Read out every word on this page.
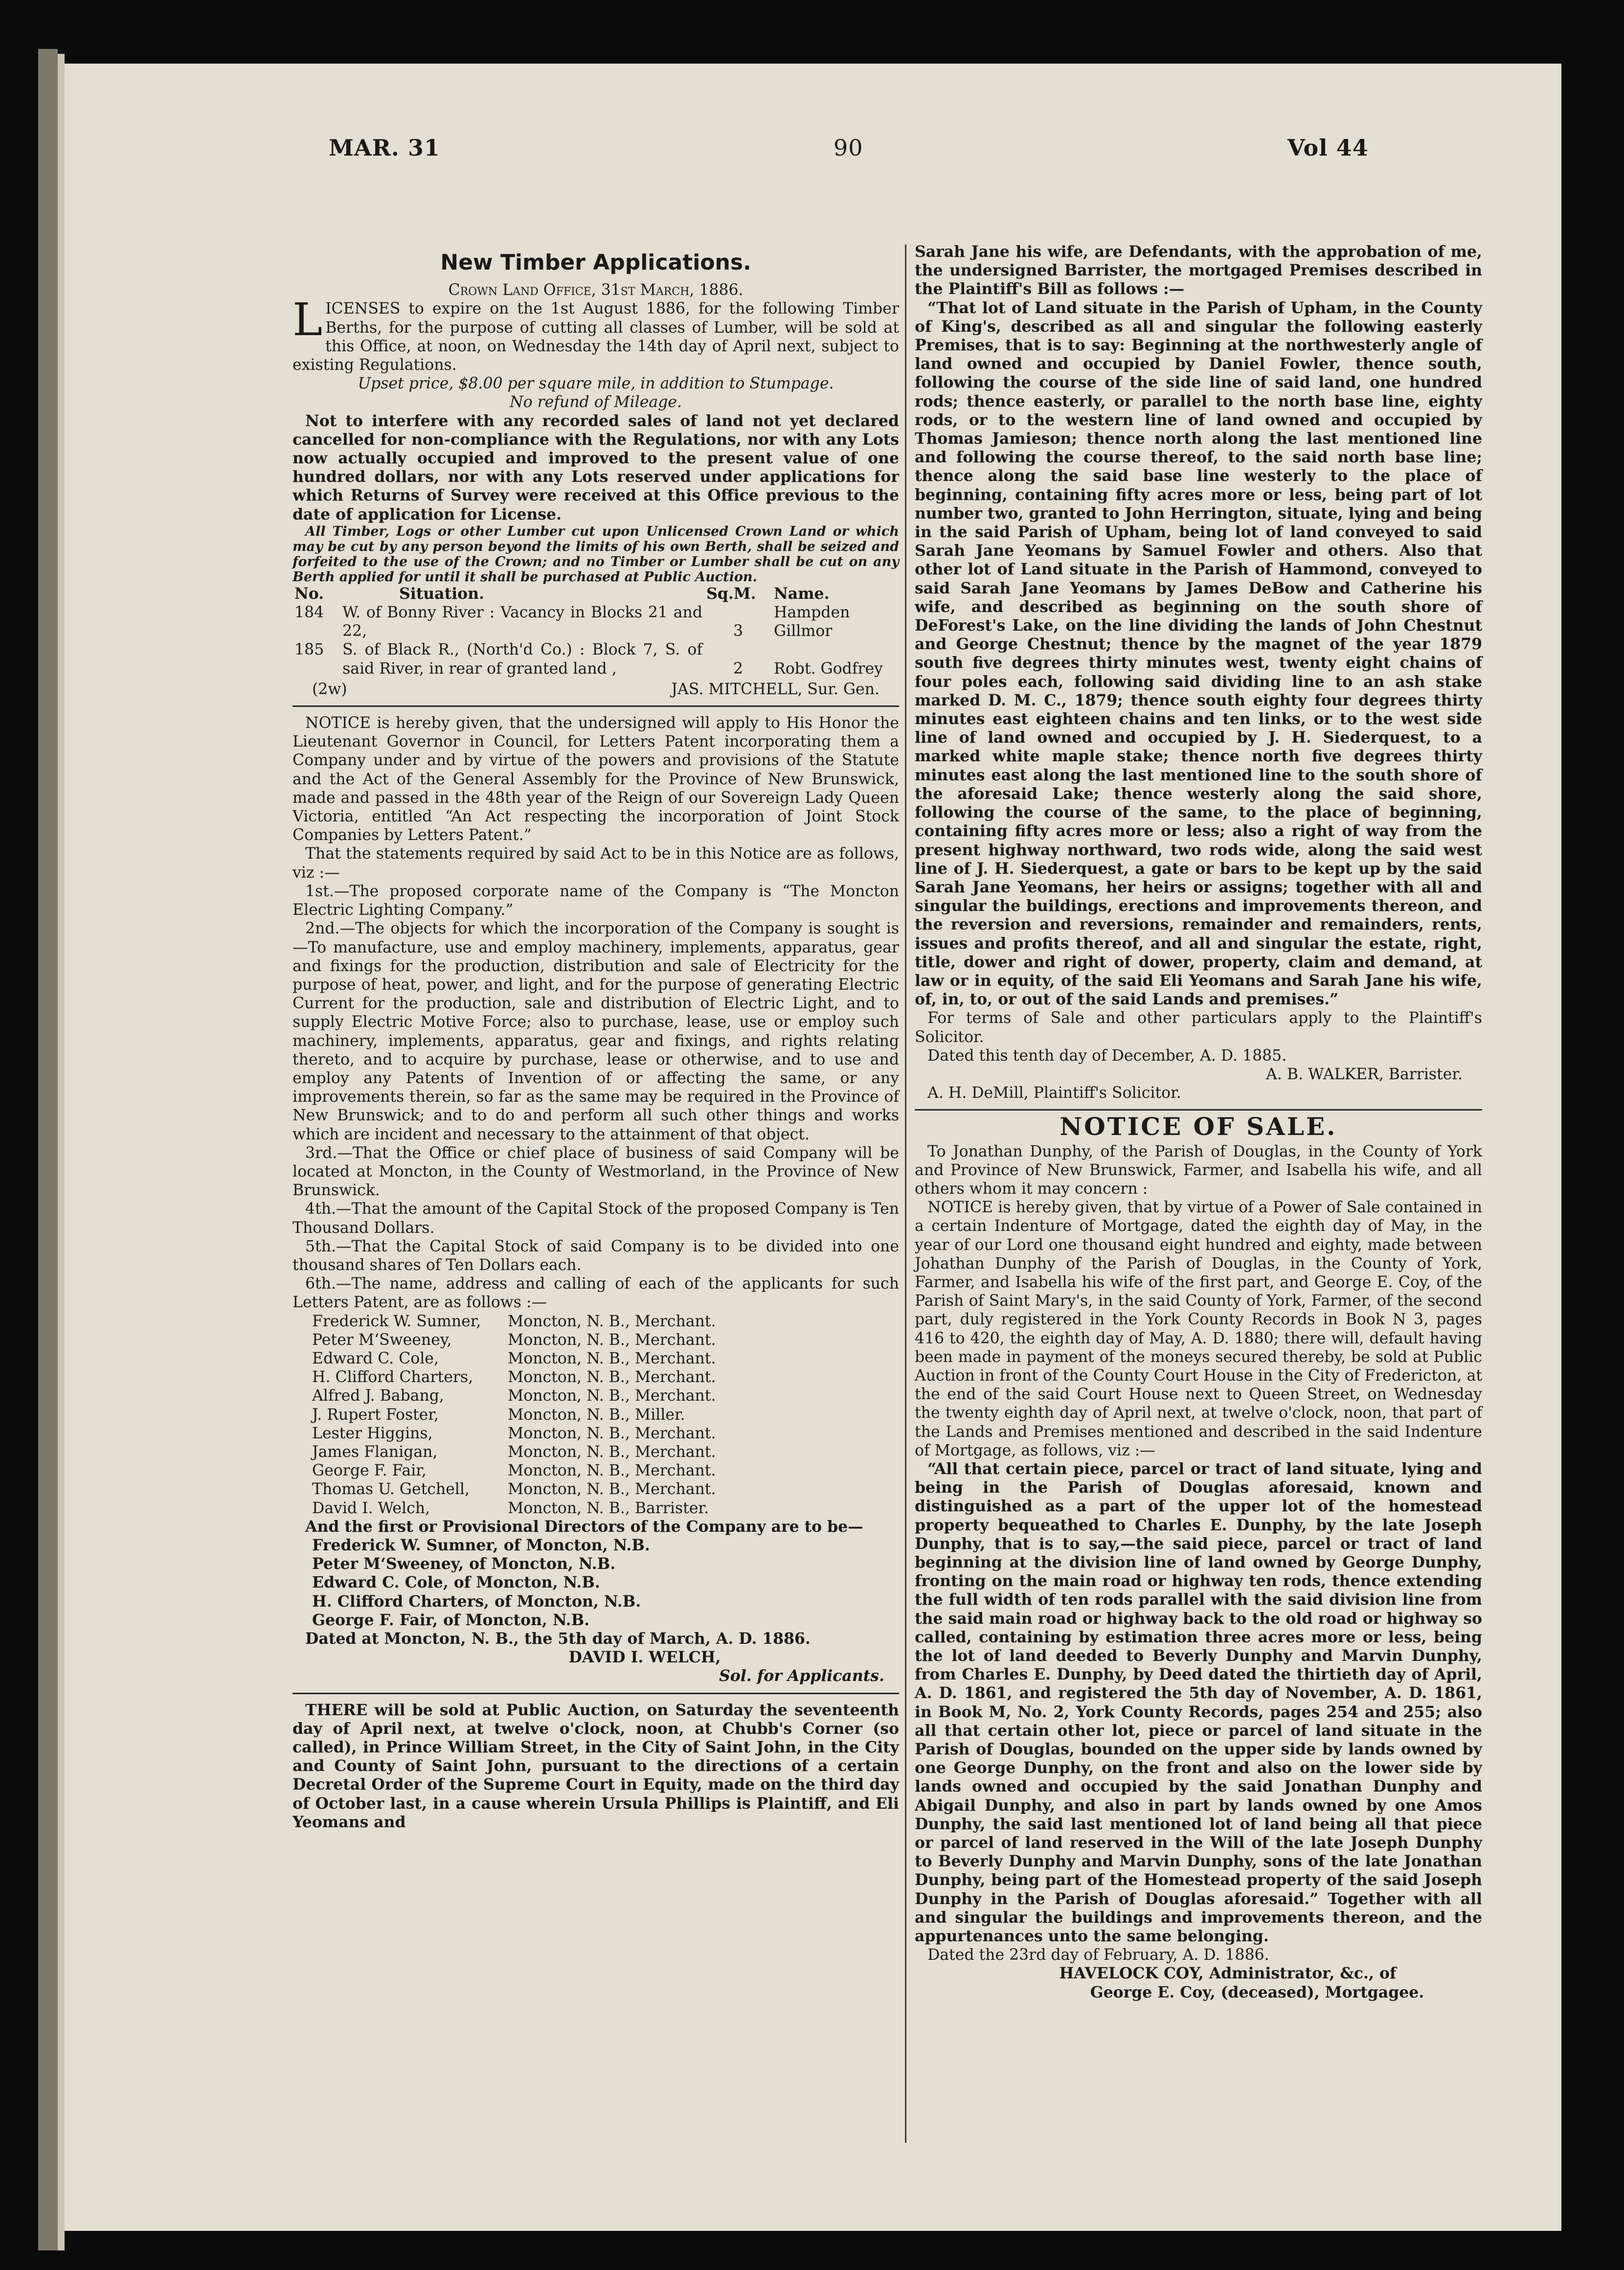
MAR. 31	90	Vol 44

New Timber Applications.

Crown Land Office, 31st March, 1886.

LICENSES to expire on the 1st August 1886, for the following Timber Berths, for the purpose of cutting all classes of Lumber, will be sold at this Office, at noon, on Wednesday the 14th day of April next, subject to existing Regulations.

Upset price, $8.00 per square mile, in addition to Stumpage.

No refund of Mileage.

Not to interfere with any recorded sales of land not yet declared cancelled for non-compliance with the Regulations, nor with any Lots now actually occupied and improved to the present value of one hundred dollars, nor with any Lots reserved under applications for which Returns of Survey were received at this Office previous to the date of application for License.

All Timber, Logs or other Lumber cut upon Unlicensed Crown Land or which may be cut by any person beyond the limits of his own Berth, shall be seized and forfeited to the use of the Crown; and no Timber or Lumber shall be cut on any Berth applied for until it shall be purchased at Public Auction.

No.	Situation.	Sq.M.	Name.
184	W. of Bonny River : Vacancy in Blocks 21 and 22,	3	Hampden Gillmor
185	S. of Black R., (North'd Co.) : Block 7, S. of said River, in rear of granted land ,	2	Robt. Godfrey
(2w)	JAS. MITCHELL, Sur. Gen.

NOTICE is hereby given, that the undersigned will apply to His Honor the Lieutenant Governor in Council, for Letters Patent incorporating them a Company under and by virtue of the powers and provisions of the Statute and the Act of the General Assembly for the Province of New Brunswick, made and passed in the 48th year of the Reign of our Sovereign Lady Queen Victoria, entitled “An Act respecting the incorporation of Joint Stock Companies by Letters Patent.”

That the statements required by said Act to be in this Notice are as follows, viz :—

1st.—The proposed corporate name of the Company is “The Moncton Electric Lighting Company.”

2nd.—The objects for which the incorporation of the Company is sought is—To manufacture, use and employ machinery, implements, apparatus, gear and fixings for the production, distribution and sale of Electricity for the purpose of heat, power, and light, and for the purpose of generating Electric Current for the production, sale and distribution of Electric Light, and to supply Electric Motive Force; also to purchase, lease, use or employ such machinery, implements, apparatus, gear and fixings, and rights relating thereto, and to acquire by purchase, lease or otherwise, and to use and employ any Patents of Invention of or affecting the same, or any improvements therein, so far as the same may be required in the Province of New Brunswick; and to do and perform all such other things and works which are incident and necessary to the attainment of that object.

3rd.—That the Office or chief place of business of said Company will be located at Moncton, in the County of Westmorland, in the Province of New Brunswick.

4th.—That the amount of the Capital Stock of the proposed Company is Ten Thousand Dollars.

5th.—That the Capital Stock of said Company is to be divided into one thousand shares of Ten Dollars each.

6th.—The name, address and calling of each of the applicants for such Letters Patent, are as follows :—

Frederick W. Sumner,	Moncton, N. B., Merchant.
Peter M‘Sweeney,	Moncton, N. B., Merchant.
Edward C. Cole,	Moncton, N. B., Merchant.
H. Clifford Charters,	Moncton, N. B., Merchant.
Alfred J. Babang,	Moncton, N. B., Merchant.
J. Rupert Foster,	Moncton, N. B., Miller.
Lester Higgins,	Moncton, N. B., Merchant.
James Flanigan,	Moncton, N. B., Merchant.
George F. Fair,	Moncton, N. B., Merchant.
Thomas U. Getchell,	Moncton, N. B., Merchant.
David I. Welch,	Moncton, N. B., Barrister.

And the first or Provisional Directors of the Company are to be—

Frederick W. Sumner, of Moncton, N.B.
Peter M‘Sweeney, of Moncton, N.B.
Edward C. Cole, of Moncton, N.B.
H. Clifford Charters, of Moncton, N.B.
George F. Fair, of Moncton, N.B.

Dated at Moncton, N. B., the 5th day of March, A. D. 1886.

DAVID I. WELCH,

Sol. for Applicants.

THERE will be sold at Public Auction, on Saturday the seventeenth day of April next, at twelve o'clock, noon, at Chubb's Corner (so called), in Prince William Street, in the City of Saint John, in the City and County of Saint John, pursuant to the directions of a certain Decretal Order of the Supreme Court in Equity, made on the third day of October last, in a cause wherein Ursula Phillips is Plaintiff, and Eli Yeomans and

Sarah Jane his wife, are Defendants, with the approbation of me, the undersigned Barrister, the mortgaged Premises described in the Plaintiff's Bill as follows :—

“That lot of Land situate in the Parish of Upham, in the County of King's, described as all and singular the following easterly Premises, that is to say: Beginning at the northwesterly angle of land owned and occupied by Daniel Fowler, thence south, following the course of the side line of said land, one hundred rods; thence easterly, or parallel to the north base line, eighty rods, or to the western line of land owned and occupied by Thomas Jamieson; thence north along the last mentioned line and following the course thereof, to the said north base line; thence along the said base line westerly to the place of beginning, containing fifty acres more or less, being part of lot number two, granted to John Herrington, situate, lying and being in the said Parish of Upham, being lot of land conveyed to said Sarah Jane Yeomans by Samuel Fowler and others. Also that other lot of Land situate in the Parish of Hammond, conveyed to said Sarah Jane Yeomans by James DeBow and Catherine his wife, and described as beginning on the south shore of DeForest's Lake, on the line dividing the lands of John Chestnut and George Chestnut; thence by the magnet of the year 1879 south five degrees thirty minutes west, twenty eight chains of four poles each, following said dividing line to an ash stake marked D. M. C., 1879; thence south eighty four degrees thirty minutes east eighteen chains and ten links, or to the west side line of land owned and occupied by J. H. Siederquest, to a marked white maple stake; thence north five degrees thirty minutes east along the last mentioned line to the south shore of the aforesaid Lake; thence westerly along the said shore, following the course of the same, to the place of beginning, containing fifty acres more or less; also a right of way from the present highway northward, two rods wide, along the said west line of J. H. Siederquest, a gate or bars to be kept up by the said Sarah Jane Yeomans, her heirs or assigns; together with all and singular the buildings, erections and improvements thereon, and the reversion and reversions, remainder and remainders, rents, issues and profits thereof, and all and singular the estate, right, title, dower and right of dower, property, claim and demand, at law or in equity, of the said Eli Yeomans and Sarah Jane his wife, of, in, to, or out of the said Lands and premises.”

For terms of Sale and other particulars apply to the Plaintiff's Solicitor.

Dated this tenth day of December, A. D. 1885.

A. B. WALKER, Barrister.

A. H. DeMill, Plaintiff's Solicitor.

NOTICE OF SALE.

To Jonathan Dunphy, of the Parish of Douglas, in the County of York and Province of New Brunswick, Farmer, and Isabella his wife, and all others whom it may concern :

NOTICE is hereby given, that by virtue of a Power of Sale contained in a certain Indenture of Mortgage, dated the eighth day of May, in the year of our Lord one thousand eight hundred and eighty, made between Johathan Dunphy of the Parish of Douglas, in the County of York, Farmer, and Isabella his wife of the first part, and George E. Coy, of the Parish of Saint Mary's, in the said County of York, Farmer, of the second part, duly registered in the York County Records in Book N 3, pages 416 to 420, the eighth day of May, A. D. 1880; there will, default having been made in payment of the moneys secured thereby, be sold at Public Auction in front of the County Court House in the City of Fredericton, at the end of the said Court House next to Queen Street, on Wednesday the twenty eighth day of April next, at twelve o'clock, noon, that part of the Lands and Premises mentioned and described in the said Indenture of Mortgage, as follows, viz :—

“All that certain piece, parcel or tract of land situate, lying and being in the Parish of Douglas aforesaid, known and distinguished as a part of the upper lot of the homestead property bequeathed to Charles E. Dunphy, by the late Joseph Dunphy, that is to say,—the said piece, parcel or tract of land beginning at the division line of land owned by George Dunphy, fronting on the main road or highway ten rods, thence extending the full width of ten rods parallel with the said division line from the said main road or highway back to the old road or highway so called, containing by estimation three acres more or less, being the lot of land deeded to Beverly Dunphy and Marvin Dunphy, from Charles E. Dunphy, by Deed dated the thirtieth day of April, A. D. 1861, and registered the 5th day of November, A. D. 1861, in Book M, No. 2, York County Records, pages 254 and 255; also all that certain other lot, piece or parcel of land situate in the Parish of Douglas, bounded on the upper side by lands owned by one George Dunphy, on the front and also on the lower side by lands owned and occupied by the said Jonathan Dunphy and Abigail Dunphy, and also in part by lands owned by one Amos Dunphy, the said last mentioned lot of land being all that piece or parcel of land reserved in the Will of the late Joseph Dunphy to Beverly Dunphy and Marvin Dunphy, sons of the late Jonathan Dunphy, being part of the Homestead property of the said Joseph Dunphy in the Parish of Douglas aforesaid.” Together with all and singular the buildings and improvements thereon, and the appurtenances unto the same belonging.

Dated the 23rd day of February, A. D. 1886.

HAVELOCK COY, Administrator, &c., of

George E. Coy, (deceased), Mortgagee.
